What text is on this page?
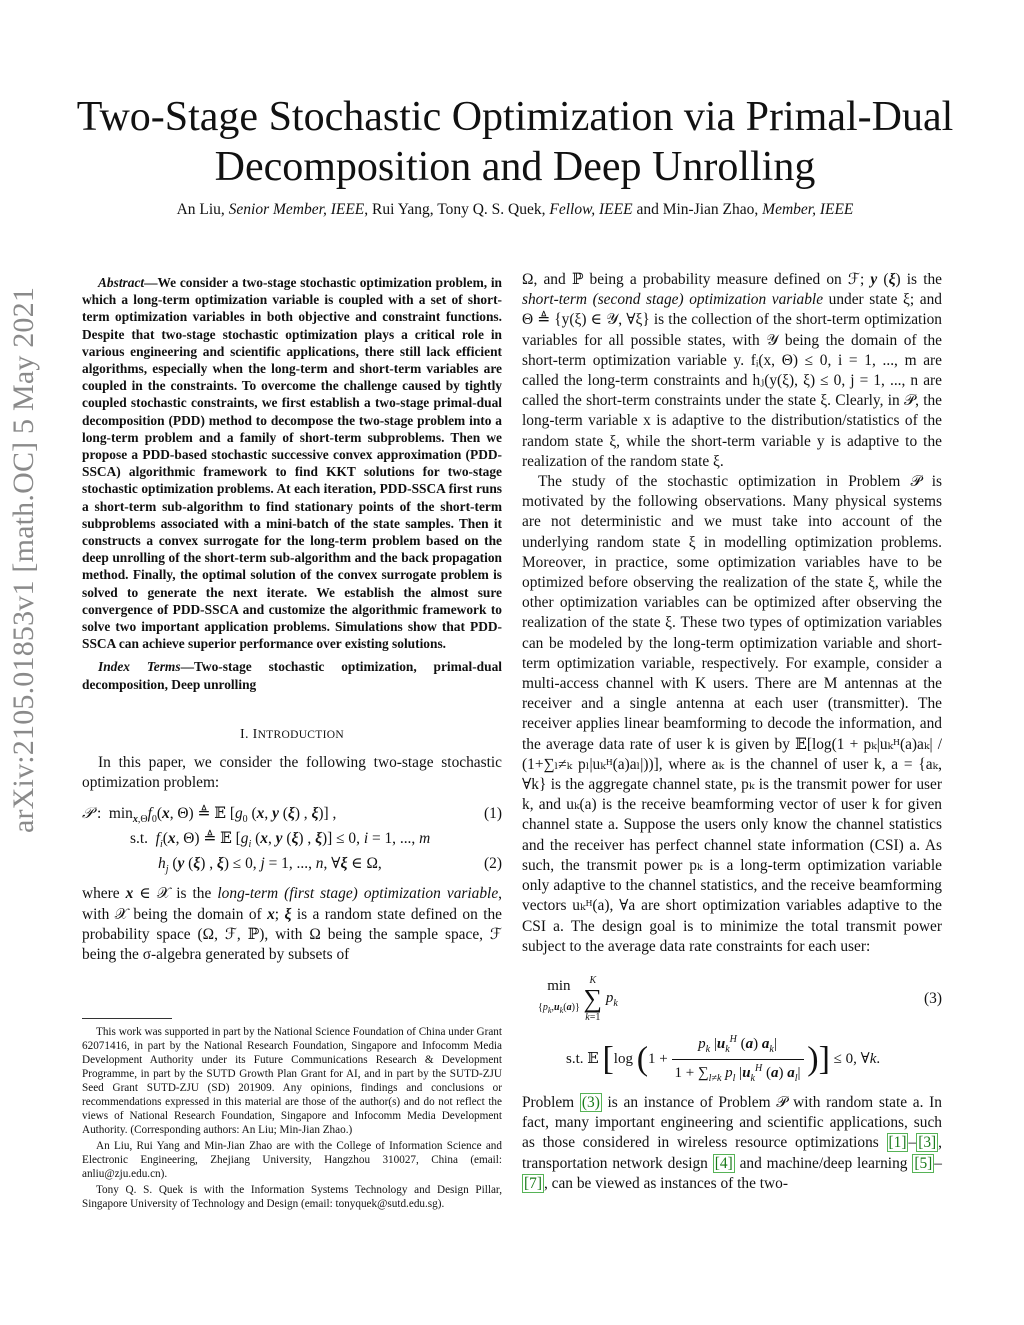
arXiv:2105.01853v1 [math.OC] 5 May 2021
Two-Stage Stochastic Optimization via Primal-Dual
Decomposition and Deep Unrolling
An Liu, Senior Member, IEEE, Rui Yang, Tony Q. S. Quek, Fellow, IEEE and Min-Jian Zhao, Member, IEEE

Abstract—We consider a two-stage stochastic optimization problem, in which a long-term optimization variable is coupled with a set of short-term optimization variables in both objective and constraint functions. Despite that two-stage stochastic optimization plays a critical role in various engineering and scientific applications, there still lack efficient algorithms, especially when the long-term and short-term variables are coupled in the constraints. To overcome the challenge caused by tightly coupled stochastic constraints, we first establish a two-stage primal-dual decomposition (PDD) method to decompose the two-stage problem into a long-term problem and a family of short-term subproblems. Then we propose a PDD-based stochastic successive convex approximation (PDD-SSCA) algorithmic framework to find KKT solutions for two-stage stochastic optimization problems. At each iteration, PDD-SSCA first runs a short-term sub-algorithm to find stationary points of the short-term subproblems associated with a mini-batch of the state samples. Then it constructs a convex surrogate for the long-term problem based on the deep unrolling of the short-term sub-algorithm and the back propagation method. Finally, the optimal solution of the convex surrogate problem is solved to generate the next iterate. We establish the almost sure convergence of PDD-SSCA and customize the algorithmic framework to solve two important application problems. Simulations show that PDD-SSCA can achieve superior performance over existing solutions.

Index Terms—Two-stage stochastic optimization, primal-dual decomposition, Deep unrolling

I. INTRODUCTION

In this paper, we consider the following two-stage stochastic optimization problem:

𝒫 :  $\min_{x,\Theta}f_0(x$, Θ) ≜ 𝔼 [$g_0$ (x, y (ξ) , ξ)] ,	(1)
s.t.  $f_i(x$, Θ) ≜ 𝔼 [$g_i$ (x, y (ξ) , ξ)] ≤ 0, i = 1, ..., m
$h_j$ (y (ξ) , ξ) ≤ 0, j = 1, ..., n, ∀ξ ∈ Ω,	(2)

where x ∈ 𝒳 is the long-term (first stage) optimization variable, with 𝒳 being the domain of x; ξ is a random state defined on the probability space (Ω, ℱ, ℙ), with Ω being the sample space, ℱ being the σ-algebra generated by subsets of

This work was supported in part by the National Science Foundation of China under Grant 62071416, in part by the National Research Foundation, Singapore and Infocomm Media Development Authority under its Future Communications Research & Development Programme, in part by the SUTD Growth Plan Grant for AI, and in part by the SUTD-ZJU Seed Grant SUTD-ZJU (SD) 201909. Any opinions, findings and conclusions or recommendations expressed in this material are those of the author(s) and do not reflect the views of National Research Foundation, Singapore and Infocomm Media Development Authority. (Corresponding authors: An Liu; Min-Jian Zhao.)

An Liu, Rui Yang and Min-Jian Zhao are with the College of Information Science and Electronic Engineering, Zhejiang University, Hangzhou 310027, China (email: anliu@zju.edu.cn).

Tony Q. S. Quek is with the Information Systems Technology and Design Pillar, Singapore University of Technology and Design (email: tonyquek@sutd.edu.sg).

Ω, and ℙ being a probability measure defined on ℱ; y (ξ) is the short-term (second stage) optimization variable under state ξ; and Θ ≜ {y(ξ) ∈ 𝒴, ∀ξ} is the collection of the short-term optimization variables for all possible states, with 𝒴 being the domain of the short-term optimization variable y. fᵢ(x, Θ) ≤ 0, i = 1, ..., m are called the long-term constraints and hⱼ(y(ξ), ξ) ≤ 0, j = 1, ..., n are called the short-term constraints under the state ξ. Clearly, in 𝒫, the long-term variable x is adaptive to the distribution/statistics of the random state ξ, while the short-term variable y is adaptive to the realization of the random state ξ.

The study of the stochastic optimization in Problem 𝒫 is motivated by the following observations. Many physical systems are not deterministic and we must take into account of the underlying random state ξ in modelling optimization problems. Moreover, in practice, some optimization variables have to be optimized before observing the realization of the state ξ, while the other optimization variables can be optimized after observing the realization of the state ξ. These two types of optimization variables can be modeled by the long-term optimization variable and short-term optimization variable, respectively. For example, consider a multi-access channel with K users. There are M antennas at the receiver and a single antenna at each user (transmitter). The receiver applies linear beamforming to decode the information, and the average data rate of user k is given by 𝔼[log(1 + pₖ|uₖᴴ(a)aₖ| / (1+∑ₗ≠ₖ pₗ|uₖᴴ(a)aₗ|))], where aₖ is the channel of user k, a = {aₖ, ∀k} is the aggregate channel state, pₖ is the transmit power for user k, and uₖ(a) is the receive beamforming vector of user k for given channel state a. Suppose the users only know the channel statistics and the receiver has perfect channel state information (CSI) a. As such, the transmit power pₖ is a long-term optimization variable only adaptive to the channel statistics, and the receive beamforming vectors uₖᴴ(a), ∀a are short optimization variables adaptive to the CSI a. The design goal is to minimize the total transmit power subject to the average data rate constraints for each user:

min
$\{p_k,u_k(a)\}$ K
∑
k=1 $p_k$	(3)
s.t. 𝔼 [log (1 +
$p_k$ $|u_k^H$ (a) $a_k|$
$1 + \sum_{l\ne k}$ $p_l$ $|u_k^H$ (a) $a_l|$ )] ≤ 0, ∀k.

Problem (3) is an instance of Problem 𝒫 with random state a. In fact, many important engineering and scientific applications, such as those considered in wireless resource optimizations [1] – [3] , transportation network design [4] and machine/deep learning [5] –[7] , can be viewed as instances of the two-
